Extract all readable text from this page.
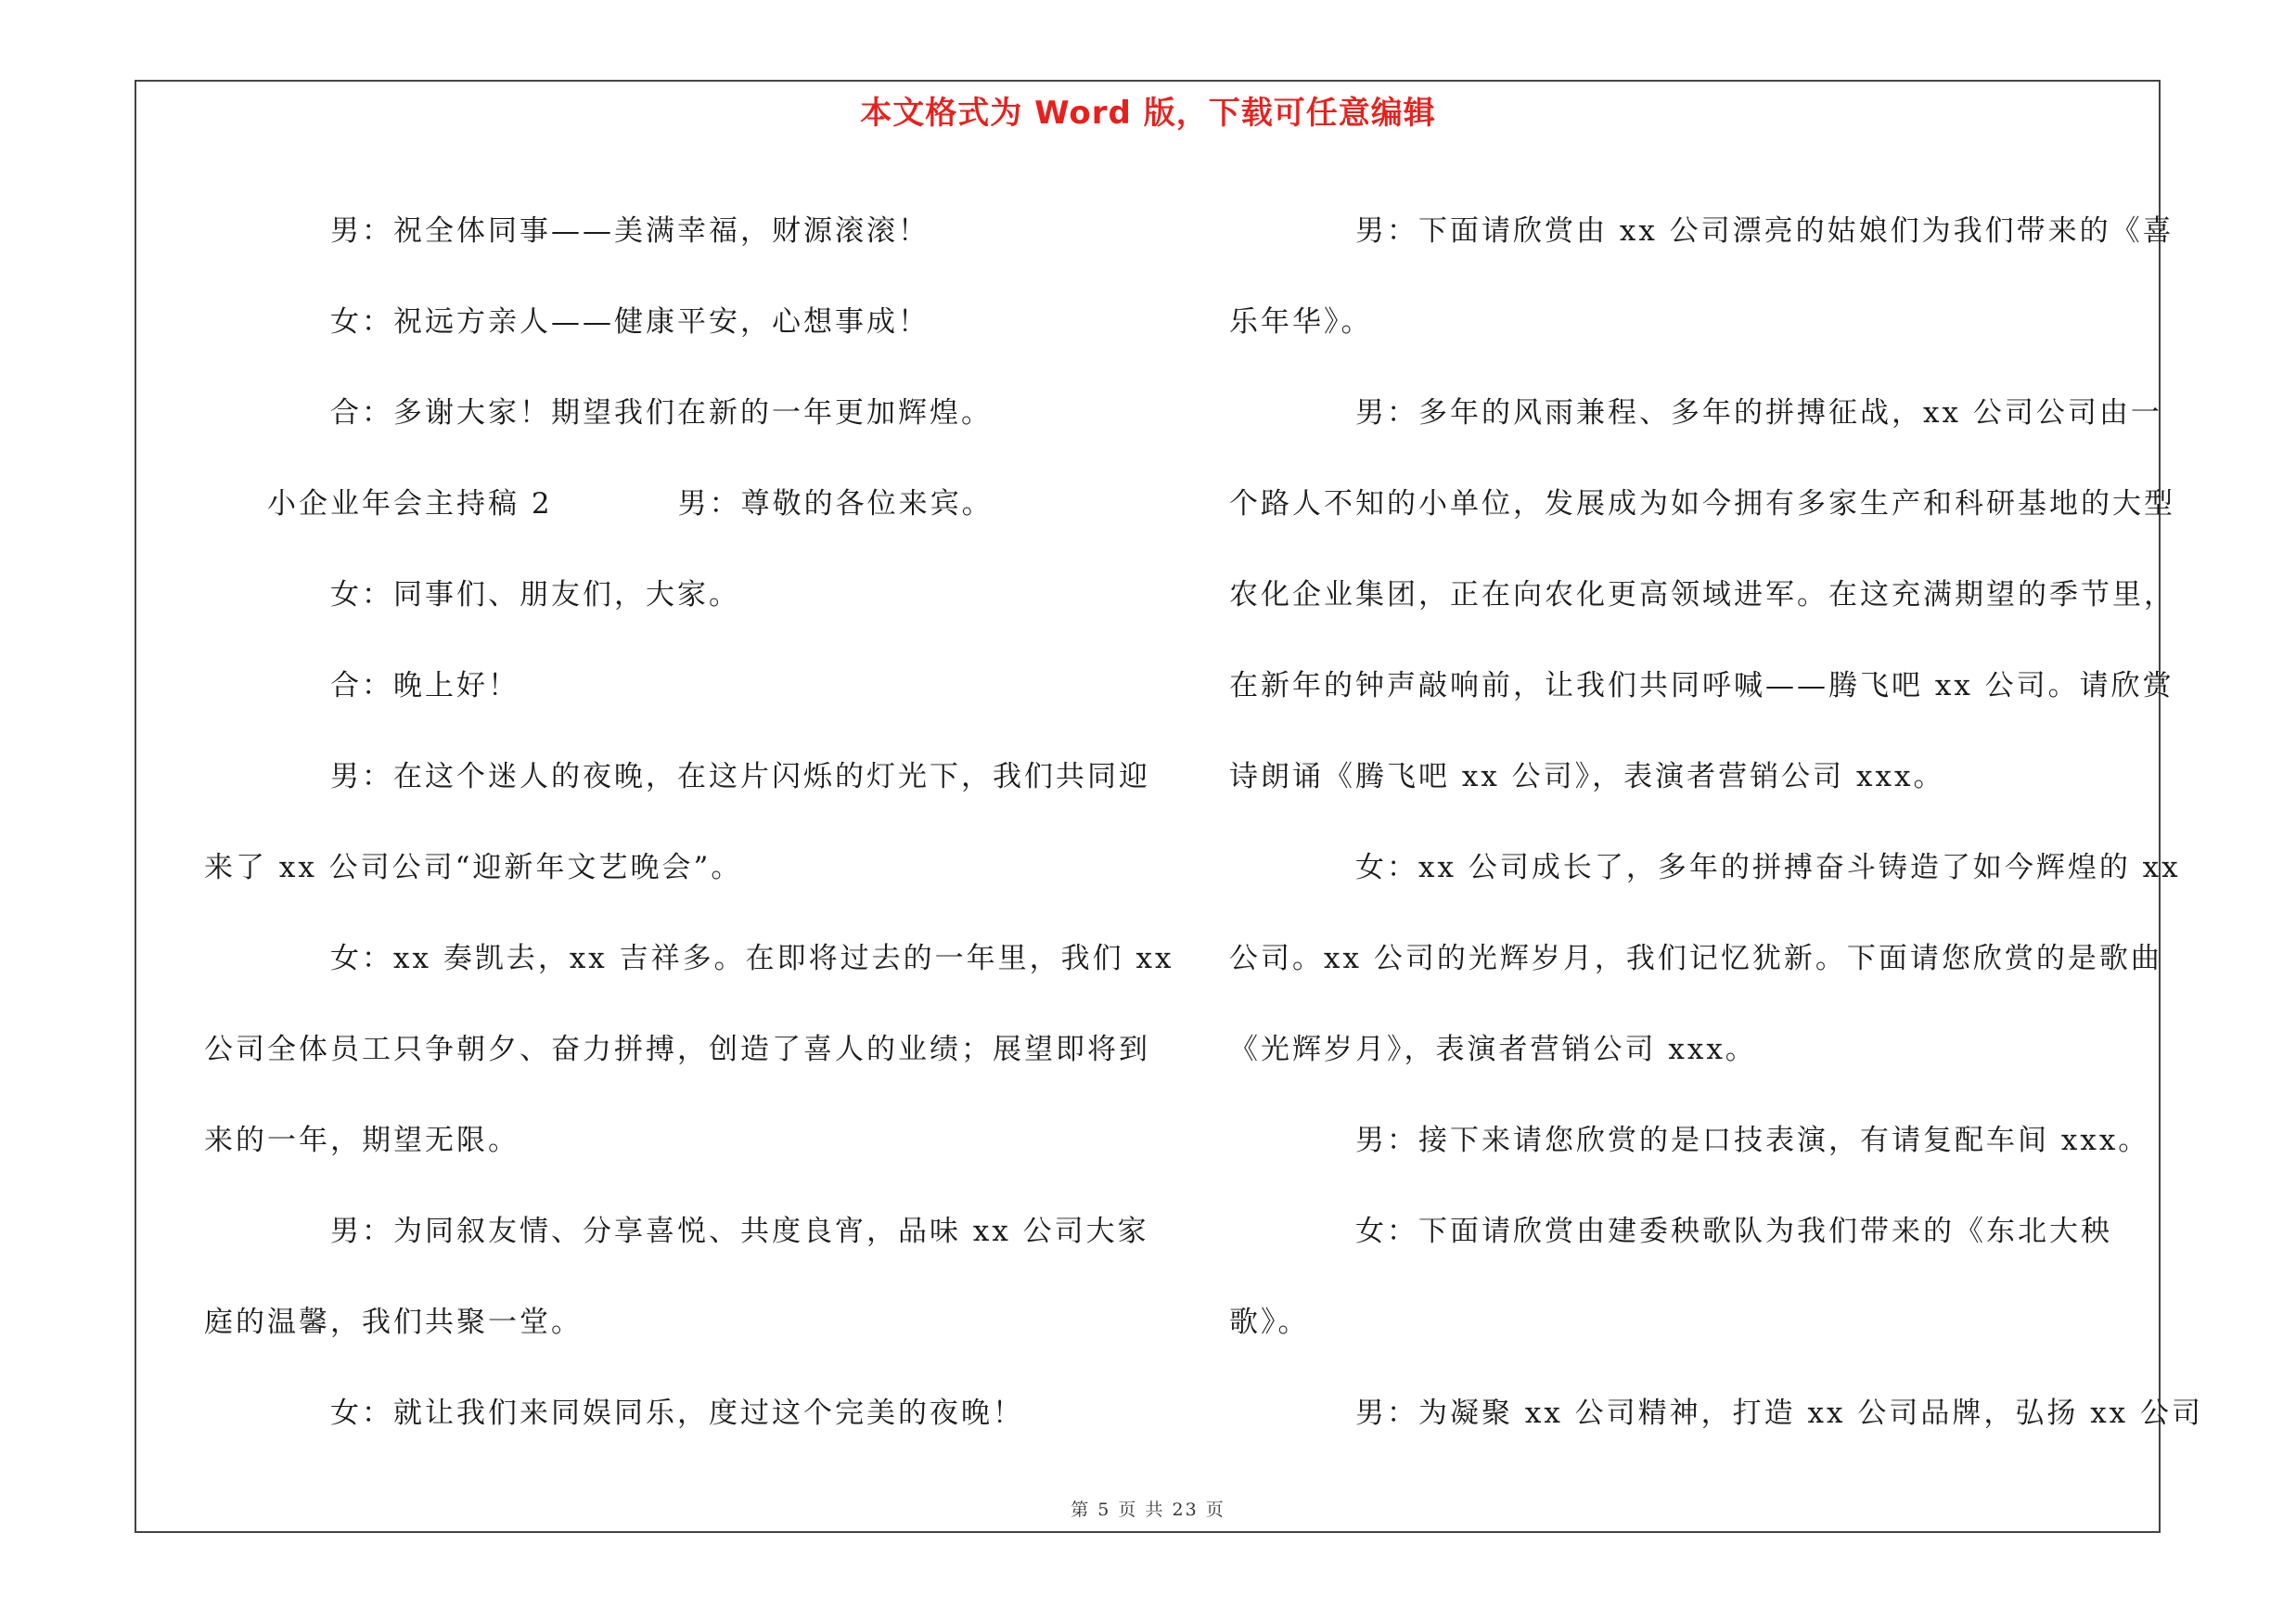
本文格式为 Word 版，下载可任意编辑

男：祝全体同事——美满幸福，财源滚滚！

女：祝远方亲人——健康平安，心想事成！

合：多谢大家！期望我们在新的一年更加辉煌。

小企业年会主持稿 2	男：尊敬的各位来宾。

女：同事们、朋友们，大家。

合：晚上好！

男：在这个迷人的夜晚，在这片闪烁的灯光下，我们共同迎

来了 xx 公司公司“迎新年文艺晚会”。

女：xx 奏凯去，xx 吉祥多。在即将过去的一年里，我们 xx

公司全体员工只争朝夕、奋力拼搏，创造了喜人的业绩；展望即将到

来的一年，期望无限。

男：为同叙友情、分享喜悦、共度良宵，品味 xx 公司大家

庭的温馨，我们共聚一堂。

女：就让我们来同娱同乐，度过这个完美的夜晚！

男：下面请欣赏由 xx 公司漂亮的姑娘们为我们带来的《喜

乐年华》。

男：多年的风雨兼程、多年的拼搏征战，xx 公司公司由一

个路人不知的小单位，发展成为如今拥有多家生产和科研基地的大型

农化企业集团，正在向农化更高领域进军。在这充满期望的季节里，

在新年的钟声敲响前，让我们共同呼喊——腾飞吧 xx 公司。请欣赏

诗朗诵《腾飞吧 xx 公司》，表演者营销公司 xxx。

女：xx 公司成长了，多年的拼搏奋斗铸造了如今辉煌的 xx

公司。xx 公司的光辉岁月，我们记忆犹新。下面请您欣赏的是歌曲

《光辉岁月》，表演者营销公司 xxx。

男：接下来请您欣赏的是口技表演，有请复配车间 xxx。

女：下面请欣赏由建委秧歌队为我们带来的《东北大秧

歌》。

男：为凝聚 xx 公司精神，打造 xx 公司品牌，弘扬 xx 公司

第 5 页 共 23 页
